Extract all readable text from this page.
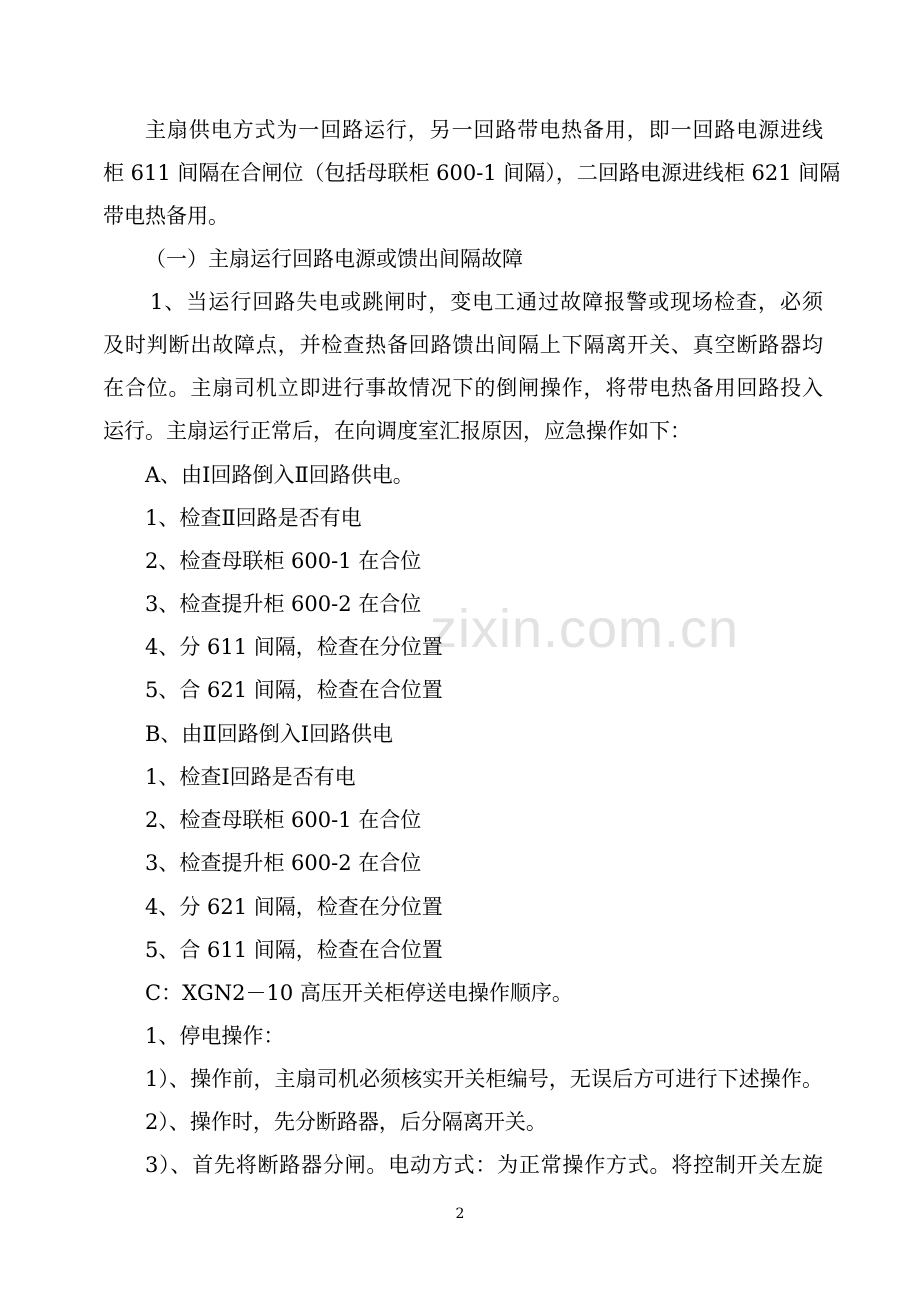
zixin.com.cn
主扇供电方式为一回路运行，另一回路带电热备用，即一回路电源进线
柜 611 间隔在合闸位（包括母联柜 600-1 间隔），二回路电源进线柜 621 间隔
带电热备用。
（一）主扇运行回路电源或馈出间隔故障
1、当运行回路失电或跳闸时，变电工通过故障报警或现场检查，必须
及时判断出故障点，并检查热备回路馈出间隔上下隔离开关、真空断路器均
在合位。主扇司机立即进行事故情况下的倒闸操作，将带电热备用回路投入
运行。主扇运行正常后，在向调度室汇报原因，应急操作如下：
A、由Ⅰ回路倒入Ⅱ回路供电。
1、检查Ⅱ回路是否有电
2、检查母联柜 600-1 在合位
3、检查提升柜 600-2 在合位
4、分 611 间隔，检查在分位置
5、合 621 间隔，检查在合位置
B、由Ⅱ回路倒入Ⅰ回路供电
1、检查Ⅰ回路是否有电
2、检查母联柜 600-1 在合位
3、检查提升柜 600-2 在合位
4、分 621 间隔，检查在分位置
5、合 611 间隔，检查在合位置
C：XGN2－10 高压开关柜停送电操作顺序。
1、停电操作：
1）、操作前，主扇司机必须核实开关柜编号，无误后方可进行下述操作。
2）、操作时，先分断路器，后分隔离开关。
3）、首先将断路器分闸。电动方式：为正常操作方式。将控制开关左旋
2
